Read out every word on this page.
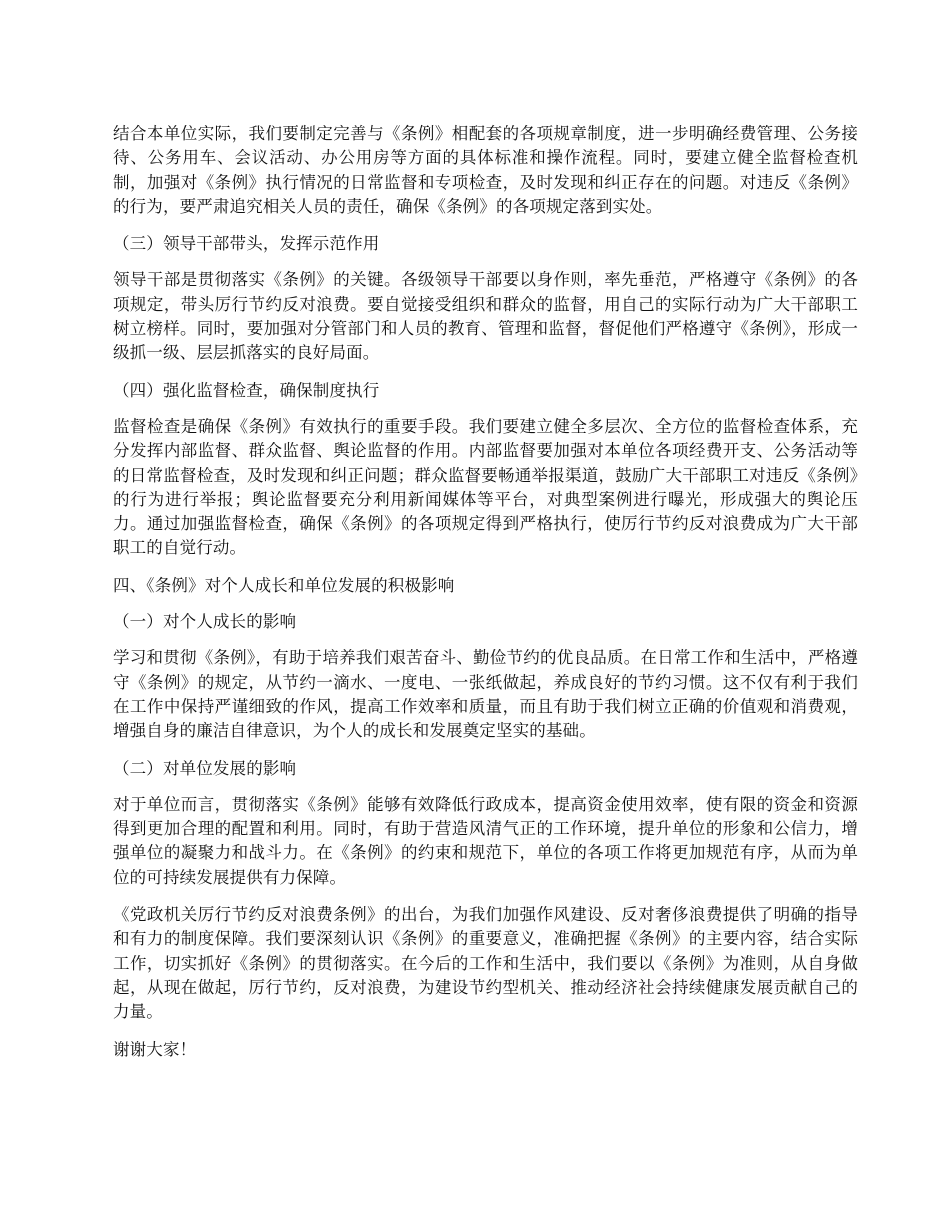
结合本单位实际，我们要制定完善与《条例》相配套的各项规章制度，进一步明确经费管理、公务接待、公务用车、会议活动、办公用房等方面的具体标准和操作流程。同时，要建立健全监督检查机制，加强对《条例》执行情况的日常监督和专项检查，及时发现和纠正存在的问题。对违反《条例》的行为，要严肃追究相关人员的责任，确保《条例》的各项规定落到实处。

（三）领导干部带头，发挥示范作用

领导干部是贯彻落实《条例》的关键。各级领导干部要以身作则，率先垂范，严格遵守《条例》的各项规定，带头厉行节约反对浪费。要自觉接受组织和群众的监督，用自己的实际行动为广大干部职工树立榜样。同时，要加强对分管部门和人员的教育、管理和监督，督促他们严格遵守《条例》，形成一级抓一级、层层抓落实的良好局面。

（四）强化监督检查，确保制度执行

监督检查是确保《条例》有效执行的重要手段。我们要建立健全多层次、全方位的监督检查体系，充分发挥内部监督、群众监督、舆论监督的作用。内部监督要加强对本单位各项经费开支、公务活动等的日常监督检查，及时发现和纠正问题；群众监督要畅通举报渠道，鼓励广大干部职工对违反《条例》的行为进行举报；舆论监督要充分利用新闻媒体等平台，对典型案例进行曝光，形成强大的舆论压力。通过加强监督检查，确保《条例》的各项规定得到严格执行，使厉行节约反对浪费成为广大干部职工的自觉行动。

四、《条例》对个人成长和单位发展的积极影响

（一）对个人成长的影响

学习和贯彻《条例》，有助于培养我们艰苦奋斗、勤俭节约的优良品质。在日常工作和生活中，严格遵守《条例》的规定，从节约一滴水、一度电、一张纸做起，养成良好的节约习惯。这不仅有利于我们在工作中保持严谨细致的作风，提高工作效率和质量，而且有助于我们树立正确的价值观和消费观，增强自身的廉洁自律意识，为个人的成长和发展奠定坚实的基础。

（二）对单位发展的影响

对于单位而言，贯彻落实《条例》能够有效降低行政成本，提高资金使用效率，使有限的资金和资源得到更加合理的配置和利用。同时，有助于营造风清气正的工作环境，提升单位的形象和公信力，增强单位的凝聚力和战斗力。在《条例》的约束和规范下，单位的各项工作将更加规范有序，从而为单位的可持续发展提供有力保障。

《党政机关厉行节约反对浪费条例》的出台，为我们加强作风建设、反对奢侈浪费提供了明确的指导和有力的制度保障。我们要深刻认识《条例》的重要意义，准确把握《条例》的主要内容，结合实际工作，切实抓好《条例》的贯彻落实。在今后的工作和生活中，我们要以《条例》为准则，从自身做起，从现在做起，厉行节约，反对浪费，为建设节约型机关、推动经济社会持续健康发展贡献自己的力量。

谢谢大家！
